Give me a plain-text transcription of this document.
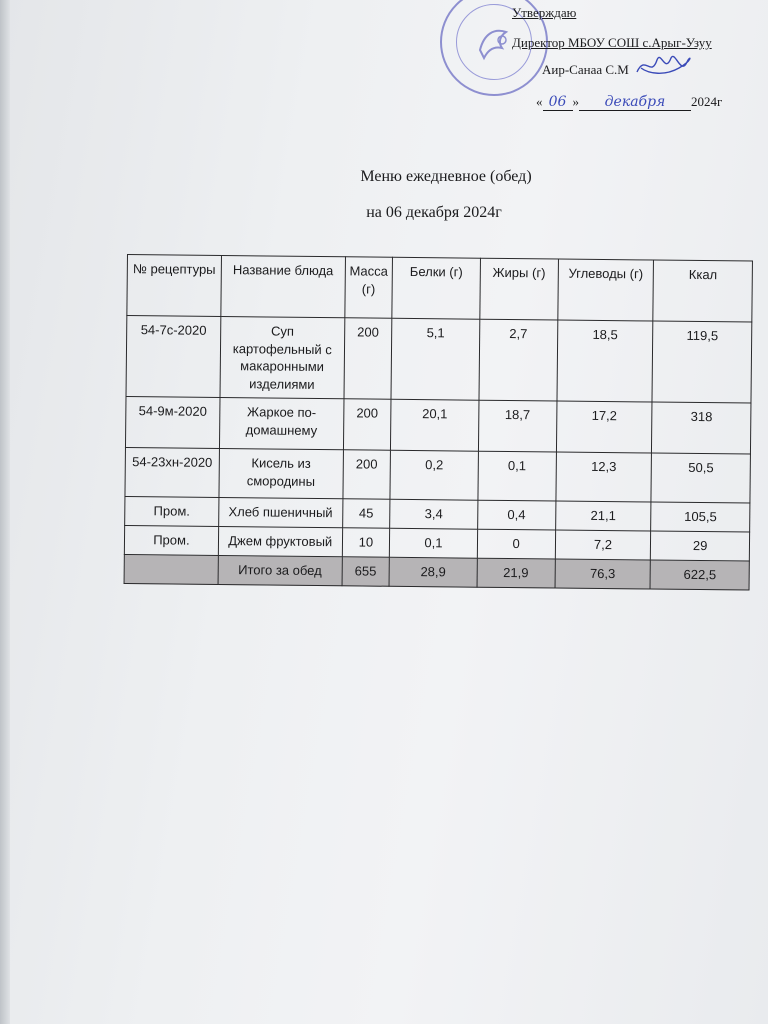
Утверждаю
Директор МБОУ СОШ с.Арыг-Узуу
Аир-Санаа С.М
« 06 » декабря 2024г
Меню ежедневное (обед)
на 06 декабря 2024г
№ рецептуры	Название блюда	Масса (г)	Белки (г)	Жиры (г)	Углеводы (г)	Ккал
54-7с-2020	Суп картофельный с макаронными изделиями	200	5,1	2,7	18,5	119,5
54-9м-2020	Жаркое по-домашнему	200	20,1	18,7	17,2	318
54-23хн-2020	Кисель из смородины	200	0,2	0,1	12,3	50,5
Пром.	Хлеб пшеничный	45	3,4	0,4	21,1	105,5
Пром.	Джем фруктовый	10	0,1	0	7,2	29
	Итого за обед	655	28,9	21,9	76,3	622,5
